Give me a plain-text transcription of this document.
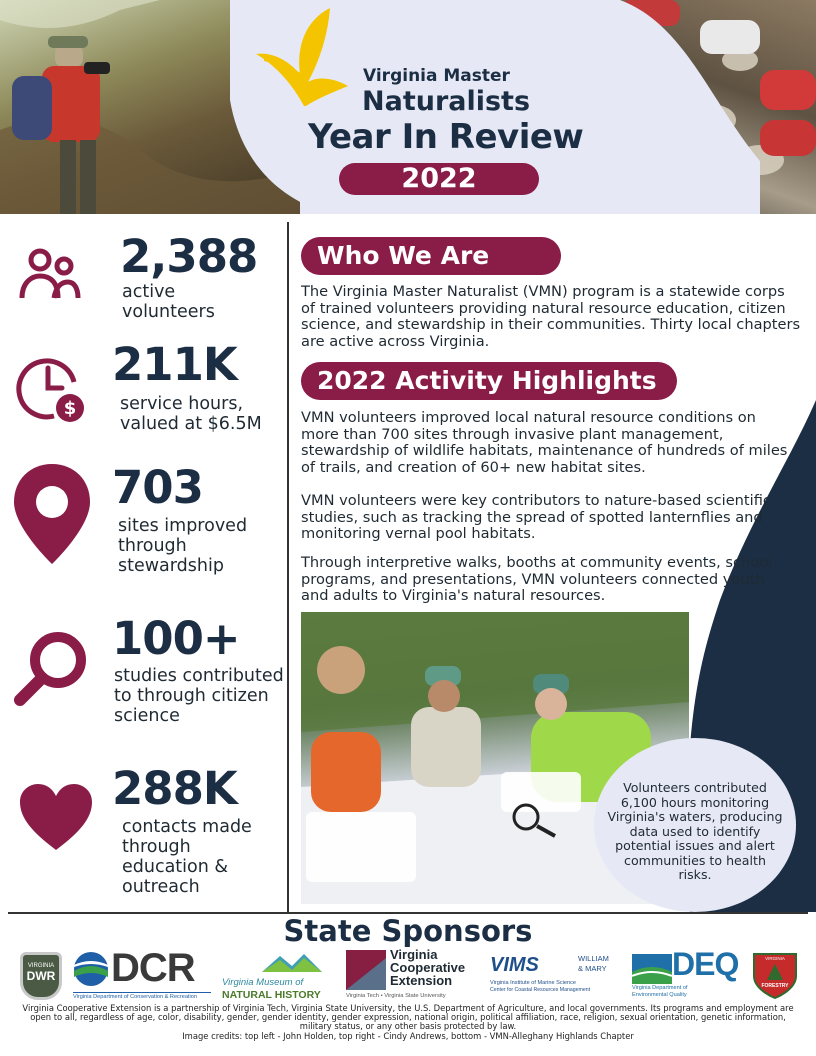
Virginia Master
Naturalists
Year In Review
2022
2,388
active volunteers
$
211K
service hours, valued at $6.5M
703
sites improved through stewardship
100+
studies contributed to through citizen science
288K
contacts made through education & outreach
Who We Are
The Virginia Master Naturalist (VMN) program is a statewide corps of trained volunteers providing natural resource education, citizen science, and stewardship in their communities. Thirty local chapters are active across Virginia.
2022 Activity Highlights
VMN volunteers improved local natural resource conditions on more than 700 sites through invasive plant management, stewardship of wildlife habitats, maintenance of hundreds of miles of trails, and creation of 60+ new habitat sites.
VMN volunteers were key contributors to nature-based scientific studies, such as tracking the spread of spotted lanternflies and monitoring vernal pool habitats.
Through interpretive walks, booths at community events, school programs, and presentations, VMN volunteers connected youth and adults to Virginia's natural resources.
Volunteers contributed 6,100 hours monitoring Virginia's waters, producing data used to identify potential issues and alert communities to health risks.
State Sponsors
VIRGINIA
DWR DCR
Virginia Department of Conservation & Recreation
Virginia Museum of
NATURAL HISTORY
Virginia
Cooperative
Extension
Virginia Tech • Virginia State University
VIMS	WILLIAM
& MARY
Virginia Institute of Marine Science
Center for Coastal Resources Management
DEQ
Virginia Department of
Environmental Quality
VIRGINIA
FORESTRY
Virginia Cooperative Extension is a partnership of Virginia Tech, Virginia State University, the U.S. Department of Agriculture, and local governments. Its programs and employment are open to all, regardless of age, color, disability, gender, gender identity, gender expression, national origin, political affiliation, race, religion, sexual orientation, genetic information, military status, or any other basis protected by law.
Image credits: top left - John Holden, top right - Cindy Andrews, bottom - VMN-Alleghany Highlands Chapter
